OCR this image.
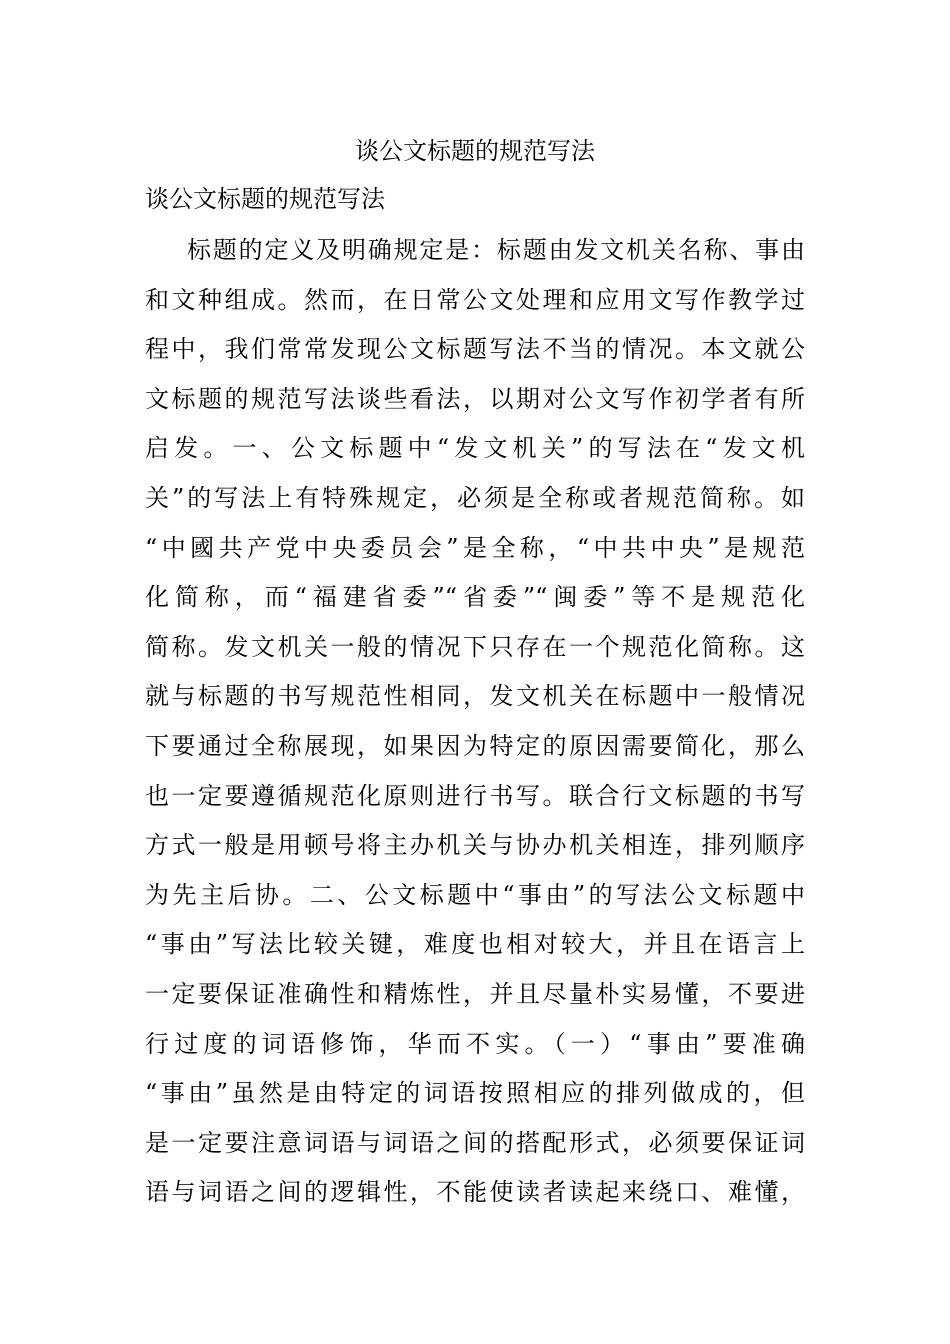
谈公文标题的规范写法
谈公文标题的规范写法
标题的定义及明确规定是：标题由发文机关名称、事由
和文种组成。然而，在日常公文处理和应用文写作教学过
程中，我们常常发现公文标题写法不当的情况。本文就公
文标题的规范写法谈些看法，以期对公文写作初学者有所
启发。一、公文标题中“发文机关”的写法在“发文机
关”的写法上有特殊规定，必须是全称或者规范简称。如
“中國共产党中央委员会”是全称，“中共中央”是规范
化简称，而“福建省委”“省委”“闽委”等不是规范化
简称。发文机关一般的情况下只存在一个规范化简称。这
就与标题的书写规范性相同，发文机关在标题中一般情况
下要通过全称展现，如果因为特定的原因需要简化，那么
也一定要遵循规范化原则进行书写。联合行文标题的书写
方式一般是用顿号将主办机关与协办机关相连，排列顺序
为先主后协。二、公文标题中“事由”的写法公文标题中
“事由”写法比较关键，难度也相对较大，并且在语言上
一定要保证准确性和精炼性，并且尽量朴实易懂，不要进
行过度的词语修饰，华而不实。（一）“事由”要准确
“事由”虽然是由特定的词语按照相应的排列做成的，但
是一定要注意词语与词语之间的搭配形式，必须要保证词
语与词语之间的逻辑性，不能使读者读起来绕口、难懂，
